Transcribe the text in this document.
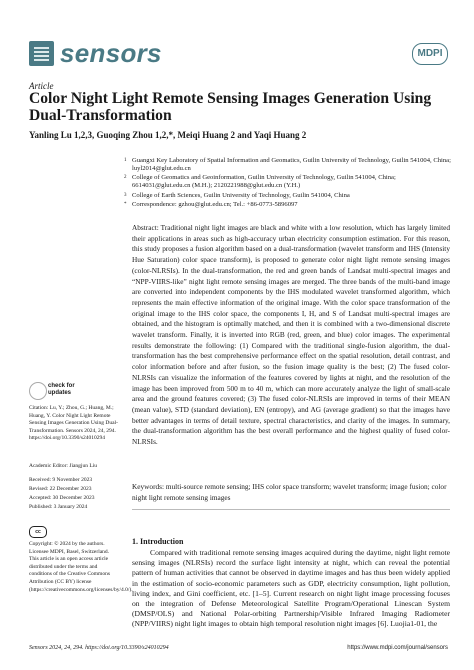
sensors	MDPI
Article
Color Night Light Remote Sensing Images Generation Using Dual-Transformation
Yanling Lu 1,2,3, Guoqing Zhou 1,2,*, Meiqi Huang 2 and Yaqi Huang 2
1 Guangxi Key Laboratory of Spatial Information and Geomatics, Guilin University of Technology, Guilin 541004, China; luyl2014@glut.edu.cn
2 College of Geomatics and Geoinformation, Guilin University of Technology, Guilin 541004, China; 6614031@glut.edu.cn (M.H.); 2120221988@glut.edu.cn (Y.H.)
3 College of Earth Sciences, Guilin University of Technology, Guilin 541004, China
* Correspondence: gzhou@glut.edu.cn; Tel.: +86-0773-5896097
Abstract: Traditional night light images are black and white with a low resolution, which has largely limited their applications in areas such as high-accuracy urban electricity consumption estimation. For this reason, this study proposes a fusion algorithm based on a dual-transformation (wavelet transform and IHS (Intensity Hue Saturation) color space transform), is proposed to generate color night light remote sensing images (color-NLRSIs). In the dual-transformation, the red and green bands of Landsat multi-spectral images and “NPP-VIIRS-like” night light remote sensing images are merged. The three bands of the multi-band image are converted into independent components by the IHS modulated wavelet transformed algorithm, which represents the main effective information of the original image. With the color space transformation of the original image to the IHS color space, the components I, H, and S of Landsat multi-spectral images are obtained, and the histogram is optimally matched, and then it is combined with a two-dimensional discrete wavelet transform. Finally, it is inverted into RGB (red, green, and blue) color images. The experimental results demonstrate the following: (1) Compared with the traditional single-fusion algorithm, the dual-transformation has the best comprehensive performance effect on the spatial resolution, detail contrast, and color information before and after fusion, so the fusion image quality is the best; (2) The fused color-NLRSIs can visualize the information of the features covered by lights at night, and the resolution of the image has been improved from 500 m to 40 m, which can more accurately analyze the light of small-scale area and the ground features covered; (3) The fused color-NLRSIs are improved in terms of their MEAN (mean value), STD (standard deviation), EN (entropy), and AG (average gradient) so that the images have better advantages in terms of detail texture, spectral characteristics, and clarity of the images. In summary, the dual-transformation algorithm has the best overall performance and the highest quality of fused color-NLRSIs.
Keywords: multi-source remote sensing; IHS color space transform; wavelet transform; image fusion; color night light remote sensing images
check for updates
Citation: Lu, Y.; Zhou, G.; Huang, M.; Huang, Y. Color Night Light Remote Sensing Images Generation Using Dual-Transformation. Sensors 2024, 24, 294. https://doi.org/10.3390/s24010294
Academic Editor: Jiangjun Liu
Received: 9 November 2023
Revised: 22 December 2023
Accepted: 30 December 2023
Published: 3 January 2024
cc
Copyright: © 2024 by the authors. Licensee MDPI, Basel, Switzerland. This article is an open access article distributed under the terms and conditions of the Creative Commons Attribution (CC BY) license (https://creativecommons.org/licenses/by/4.0/).
1. Introduction
Compared with traditional remote sensing images acquired during the daytime, night light remote sensing images (NLRSIs) record the surface light intensity at night, which can reveal the potential pattern of human activities that cannot be observed in daytime images and has thus been widely applied in the estimation of socio-economic parameters such as GDP, electricity consumption, light pollution, living index, and Gini coefficient, etc. [1–5]. Current research on night light image processing focuses on the integration of Defense Meteorological Satellite Program/Operational Linescan System (DMSP/OLS) and National Polar-orbiting Partnership/Visible Infrared Imaging Radiometer (NPP/VIIRS) night light images to obtain high temporal resolution night images [6]. Luojia1-01, the
Sensors 2024, 24, 294. https://doi.org/10.3390/s24010294	https://www.mdpi.com/journal/sensors
